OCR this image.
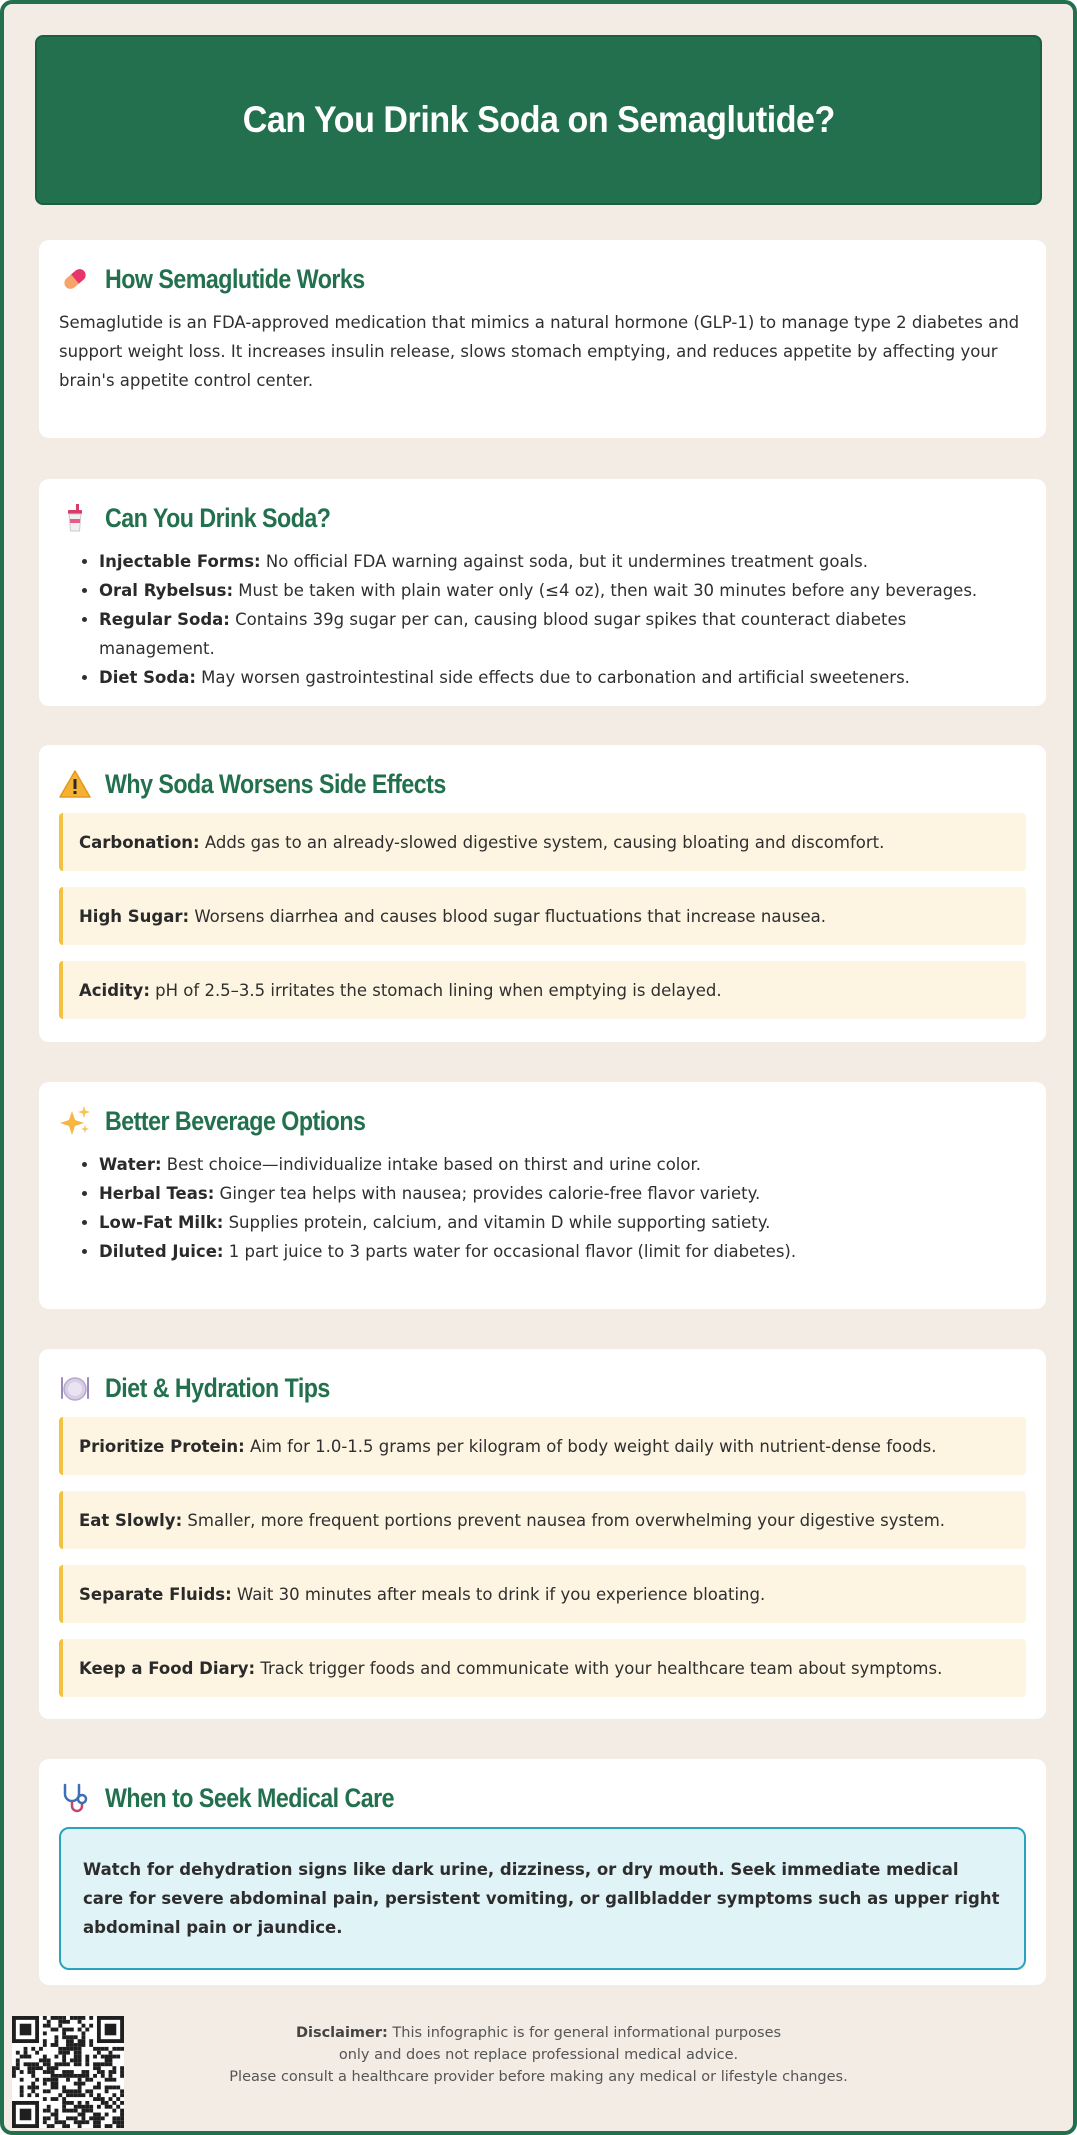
Can You Drink Soda on Semaglutide?
How Semaglutide Works

Semaglutide is an FDA-approved medication that mimics a natural hormone (GLP-1) to manage type 2 diabetes and support weight loss. It increases insulin release, slows stomach emptying, and reduces appetite by affecting your brain's appetite control center.

Can You Drink Soda?
• Injectable Forms: No official FDA warning against soda, but it undermines treatment goals.
• Oral Rybelsus: Must be taken with plain water only (≤4 oz), then wait 30 minutes before any beverages.
• Regular Soda: Contains 39g sugar per can, causing blood sugar spikes that counteract diabetes management.
• Diet Soda: May worsen gastrointestinal side effects due to carbonation and artificial sweeteners.
Why Soda Worsens Side Effects
Carbonation: Adds gas to an already-slowed digestive system, causing bloating and discomfort.
High Sugar: Worsens diarrhea and causes blood sugar fluctuations that increase nausea.
Acidity: pH of 2.5–3.5 irritates the stomach lining when emptying is delayed.
Better Beverage Options
• Water: Best choice—individualize intake based on thirst and urine color.
• Herbal Teas: Ginger tea helps with nausea; provides calorie-free flavor variety.
• Low-Fat Milk: Supplies protein, calcium, and vitamin D while supporting satiety.
• Diluted Juice: 1 part juice to 3 parts water for occasional flavor (limit for diabetes).
Diet & Hydration Tips
Prioritize Protein: Aim for 1.0-1.5 grams per kilogram of body weight daily with nutrient-dense foods.
Eat Slowly: Smaller, more frequent portions prevent nausea from overwhelming your digestive system.
Separate Fluids: Wait 30 minutes after meals to drink if you experience bloating.
Keep a Food Diary: Track trigger foods and communicate with your healthcare team about symptoms.
When to Seek Medical Care
Watch for dehydration signs like dark urine, dizziness, or dry mouth. Seek immediate medical care for severe abdominal pain, persistent vomiting, or gallbladder symptoms such as upper right abdominal pain or jaundice.
Disclaimer: This infographic is for general informational purposes
only and does not replace professional medical advice.
Please consult a healthcare provider before making any medical or lifestyle changes.
